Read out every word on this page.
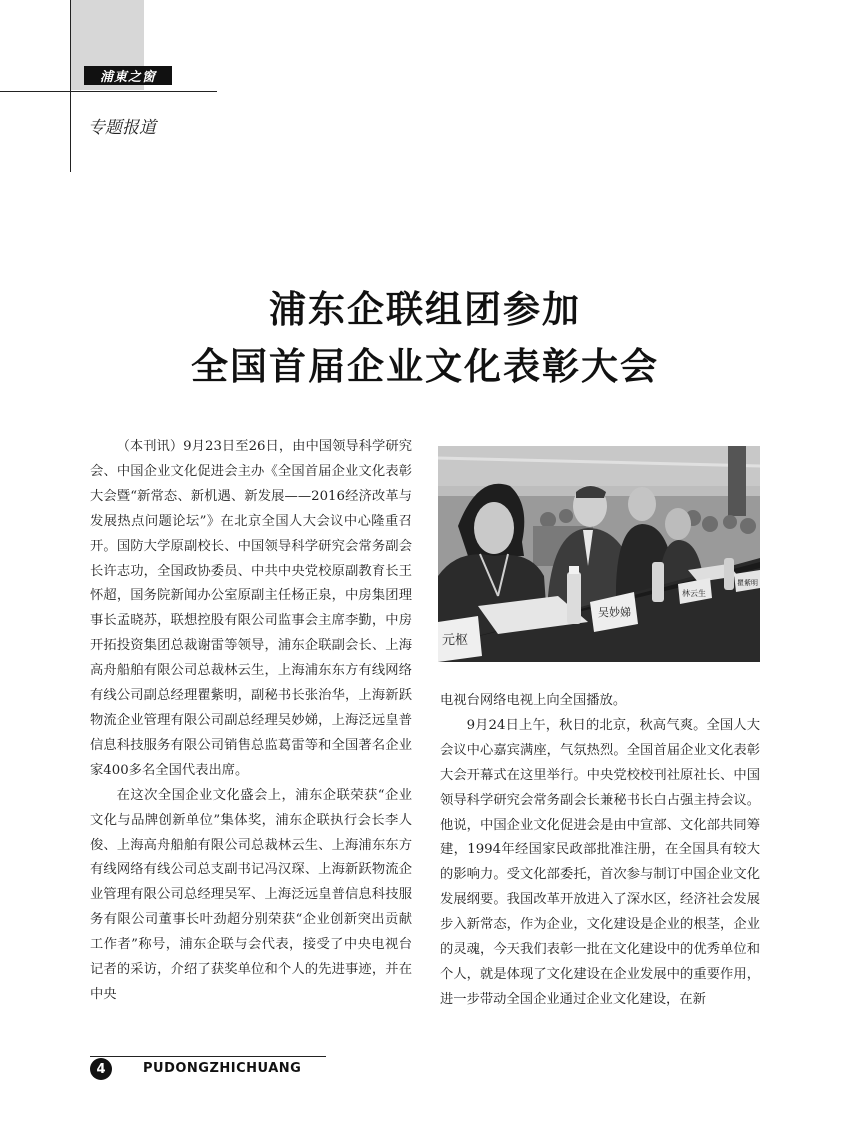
浦東之窗
专题报道
浦东企联组团参加
全国首届企业文化表彰大会

（本刊讯）9月23日至26日，由中国领导科学研究会、中国企业文化促进会主办《全国首届企业文化表彰大会暨“新常态、新机遇、新发展——2016经济改革与发展热点问题论坛”》在北京全国人大会议中心隆重召开。国防大学原副校长、中国领导科学研究会常务副会长许志功，全国政协委员、中共中央党校原副教育长王怀超，国务院新闻办公室原副主任杨正泉，中房集团理事长孟晓苏，联想控股有限公司监事会主席李勤，中房开拓投资集团总裁谢雷等领导，浦东企联副会长、上海高舟船舶有限公司总裁林云生，上海浦东东方有线网络有线公司副总经理瞿紫明，副秘书长张治华，上海新跃物流企业管理有限公司副总经理吴妙娣，上海泛远皇普信息科技服务有限公司销售总监葛雷等和全国著名企业家400多名全国代表出席。

在这次全国企业文化盛会上，浦东企联荣获“企业文化与品牌创新单位”集体奖，浦东企联执行会长李人俊、上海高舟船舶有限公司总裁林云生、上海浦东东方有线网络有线公司总支副书记冯汉琛、上海新跃物流企业管理有限公司总经理吴军、上海泛远皇普信息科技服务有限公司董事长叶劲超分别荣获“企业创新突出贡献工作者”称号，浦东企联与会代表，接受了中央电视台记者的采访，介绍了获奖单位和个人的先进事迹，并在中央

吴妙娣
林云生
瞿紫明
元枢

电视台网络电视上向全国播放。

9月24日上午，秋日的北京，秋高气爽。全国人大会议中心嘉宾满座，气氛热烈。全国首届企业文化表彰大会开幕式在这里举行。中央党校校刊社原社长、中国领导科学研究会常务副会长兼秘书长白占强主持会议。他说，中国企业文化促进会是由中宣部、文化部共同筹建，1994年经国家民政部批准注册，在全国具有较大的影响力。受文化部委托，首次参与制订中国企业文化发展纲要。我国改革开放进入了深水区，经济社会发展步入新常态，作为企业，文化建设是企业的根茎，企业的灵魂，今天我们表彰一批在文化建设中的优秀单位和个人，就是体现了文化建设在企业发展中的重要作用，进一步带动全国企业通过企业文化建设，在新

4	PUDONGZHICHUANG
